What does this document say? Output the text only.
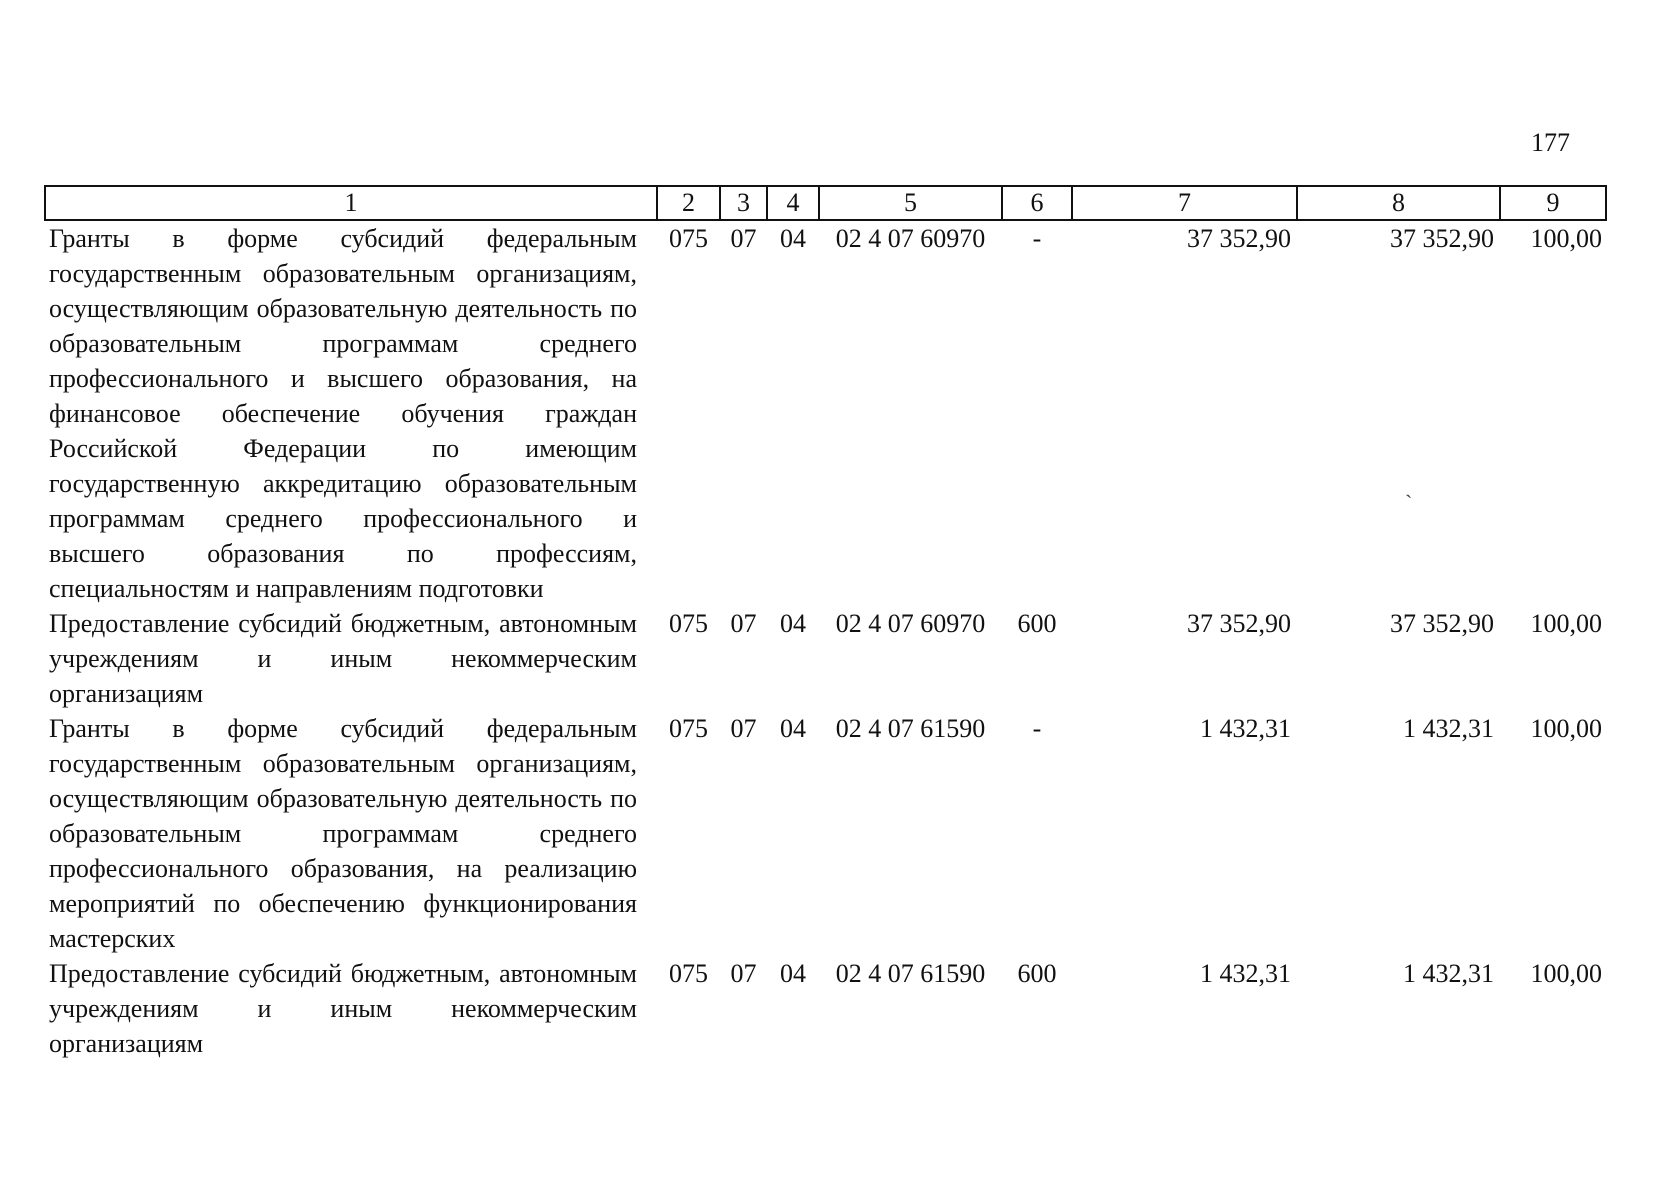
177
1	2	3	4	5	6	7	8	9
Гранты в форме субсидий федеральным государственным образовательным организациям, осуществляющим образовательную деятельность по образовательным программам среднего профессионального и высшего образования, на финансовое обеспечение обучения граждан Российской Федерации по имеющим государственную аккредитацию образовательным программам среднего профессионального и высшего образования по профессиям, специальностям и направлениям подготовки	075	07	04	02 4 07 60970	-	37 352,90	37 352,90	100,00
Предоставление субсидий бюджетным, автономным учреждениям и иным некоммерческим организациям	075	07	04	02 4 07 60970	600	37 352,90	37 352,90	100,00
Гранты в форме субсидий федеральным государственным образовательным организациям, осуществляющим образовательную деятельность по образовательным программам среднего профессионального образования, на реализацию мероприятий по обеспечению функционирования мастерских	075	07	04	02 4 07 61590	-	1 432,31	1 432,31	100,00
Предоставление субсидий бюджетным, автономным учреждениям и иным некоммерческим организациям	075	07	04	02 4 07 61590	600	1 432,31	1 432,31	100,00
ˋ
